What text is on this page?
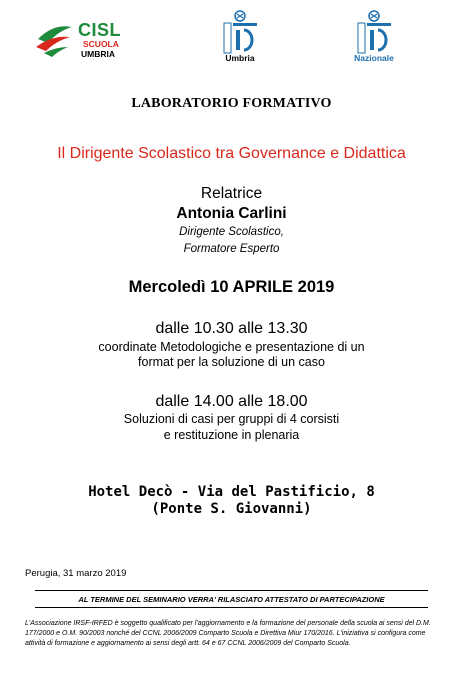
CISL
SCUOLA
UMBRIA	Umbria	Nazionale
LABORATORIO FORMATIVO
Il Dirigente Scolastico tra Governance e Didattica
Relatrice
Antonia Carlini
Dirigente Scolastico,
Formatore Esperto
Mercoledì 10 APRILE 2019
dalle 10.30 alle 13.30
coordinate Metodologiche e presentazione di un
format per la soluzione di un caso
dalle 14.00 alle 18.00
Soluzioni di casi per gruppi di 4 corsisti
e restituzione in plenaria
Hotel Decò - Via del Pastificio, 8
(Ponte S. Giovanni)
Perugia, 31 marzo 2019
AL TERMINE DEL SEMINARIO VERRA' RILASCIATO ATTESTATO DI PARTECIPAZIONE
L'Associazione IRSF-IRFED è soggetto qualificato per l'aggiornamento e la formazione del personale della scuola ai sensi del D.M. 177/2000 e O.M. 90/2003 nonché del CCNL 2006/2009 Comparto Scuola e Direttiva Miur 170/2016. L'iniziativa si configura come attività di formazione e aggiornamento ai sensi degli artt. 64 e 67 CCNL 2006/2009 del Comparto Scuola.
